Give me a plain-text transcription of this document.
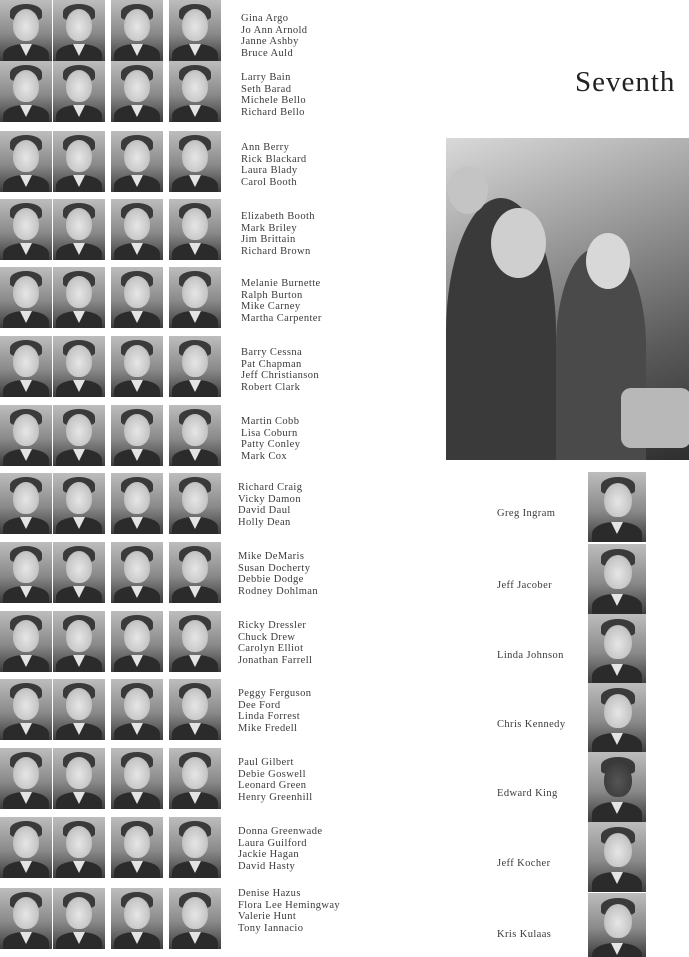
Gina Argo
Jo Ann Arnold
Janne Ashby
Bruce Auld
Larry Bain
Seth Barad
Michele Bello
Richard Bello
Ann Berry
Rick Blackard
Laura Blady
Carol Booth
Elizabeth Booth
Mark Briley
Jim Brittain
Richard Brown
Melanie Burnette
Ralph Burton
Mike Carney
Martha Carpenter
Barry Cessna
Pat Chapman
Jeff Christianson
Robert Clark
Martin Cobb
Lisa Coburn
Patty Conley
Mark Cox
Richard Craig
Vicky Damon
David Daul
Holly Dean
Mike DeMaris
Susan Docherty
Debbie Dodge
Rodney Dohlman
Ricky Dressler
Chuck Drew
Carolyn Elliot
Jonathan Farrell
Peggy Ferguson
Dee Ford
Linda Forrest
Mike Fredell
Paul Gilbert
Debie Goswell
Leonard Green
Henry Greenhill
Donna Greenwade
Laura Guilford
Jackie Hagan
David Hasty
Denise Hazus
Flora Lee Hemingway
Valerie Hunt
Tony Iannacio
Seventh
Greg Ingram
Jeff Jacober
Linda Johnson
Chris Kennedy
Edward King
Jeff Kocher
Kris Kulaas
